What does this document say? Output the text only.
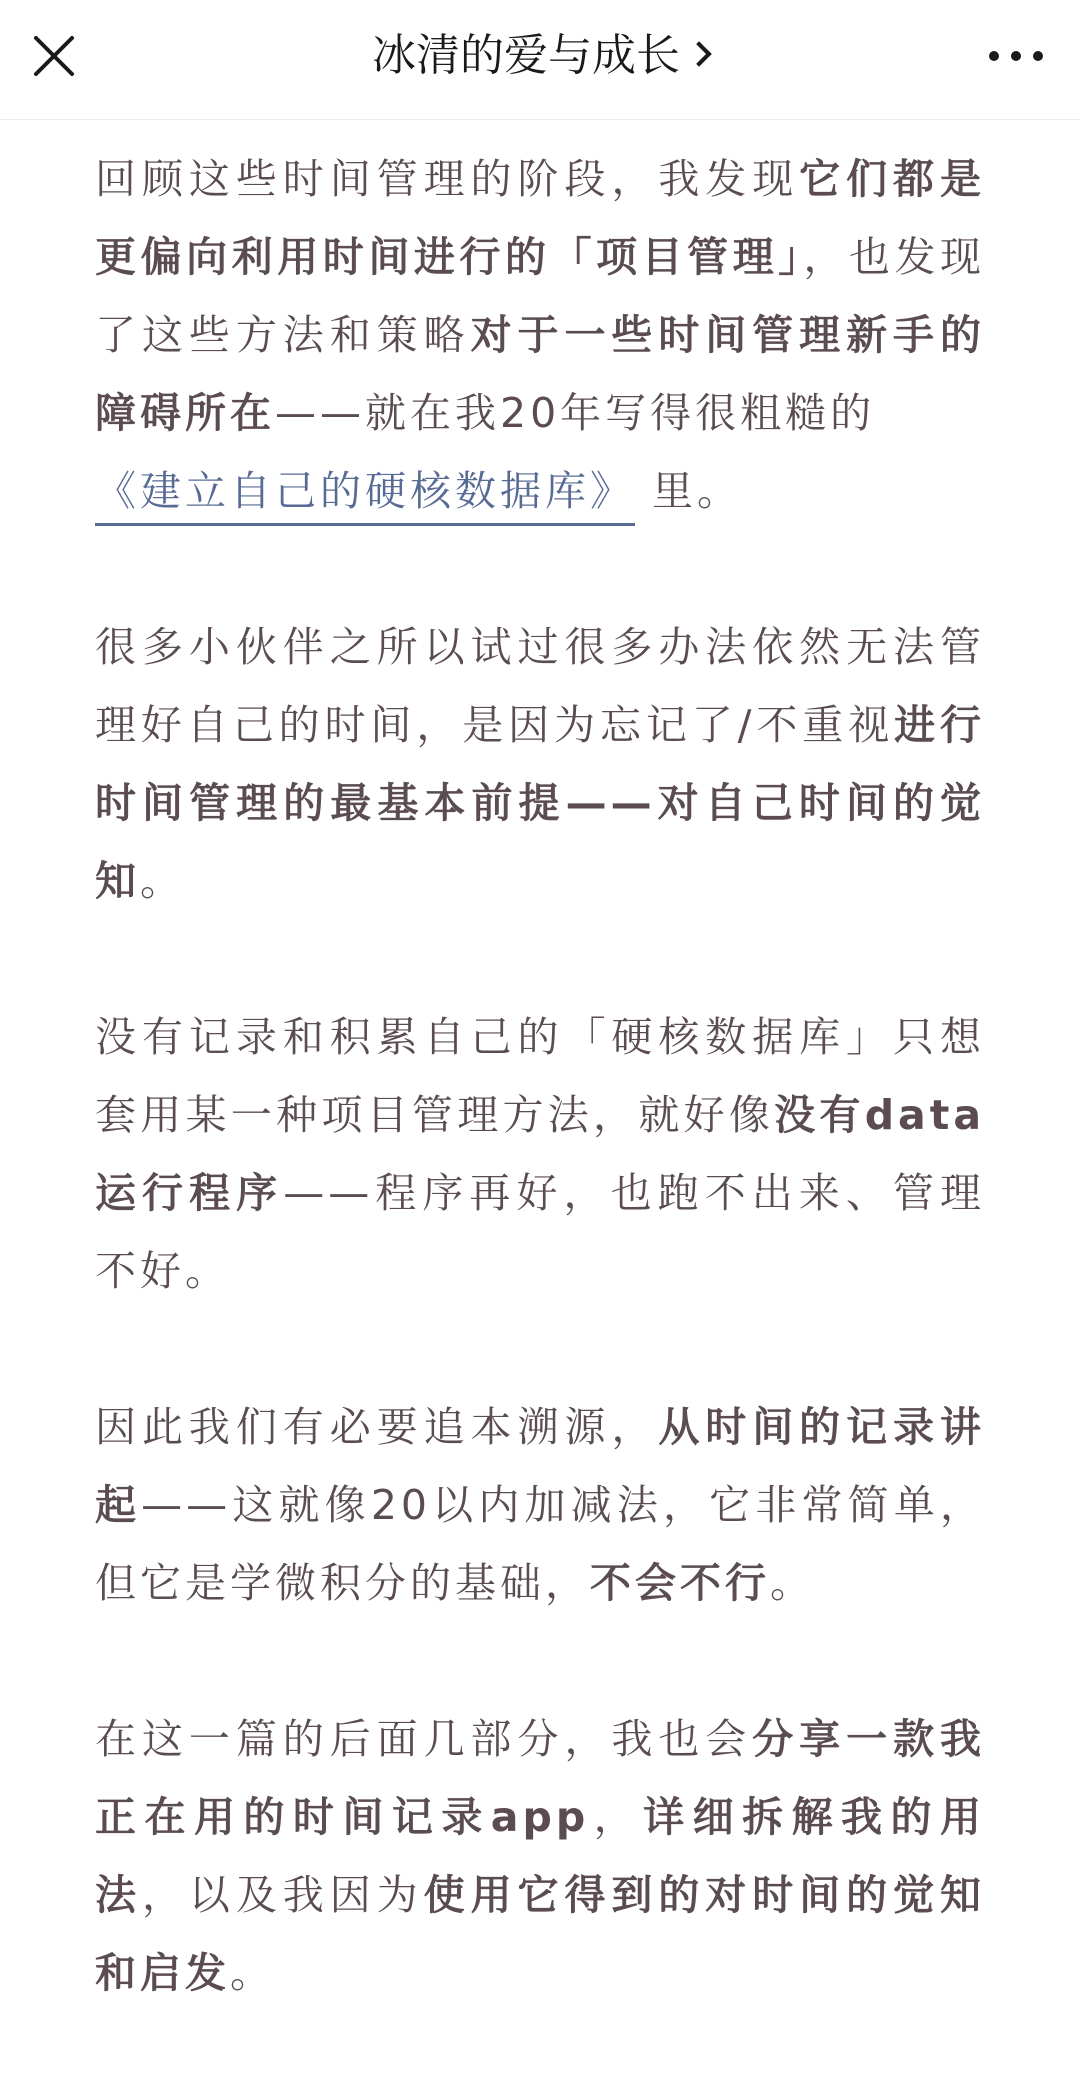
冰清的爱与成长

回顾这些时间管理的阶段，我发现它们都是更偏向利用时间进行的「项目管理」，也发现了这些方法和策略对于一些时间管理新手的障碍所在——就在我20年写得很粗糙的
《建立自己的硬核数据库》 里。

很多小伙伴之所以试过很多办法依然无法管理好自己的时间，是因为忘记了/不重视进行时间管理的最基本前提——对自己时间的觉知。

没有记录和积累自己的「硬核数据库」只想套用某一种项目管理方法，就好像没有data运行程序——程序再好，也跑不出来、管理不好。

因此我们有必要追本溯源，从时间的记录讲起——这就像20以内加减法，它非常简单，但它是学微积分的基础，不会不行。

在这一篇的后面几部分，我也会分享一款我正在用的时间记录app，详细拆解我的用法，以及我因为使用它得到的对时间的觉知和启发。
